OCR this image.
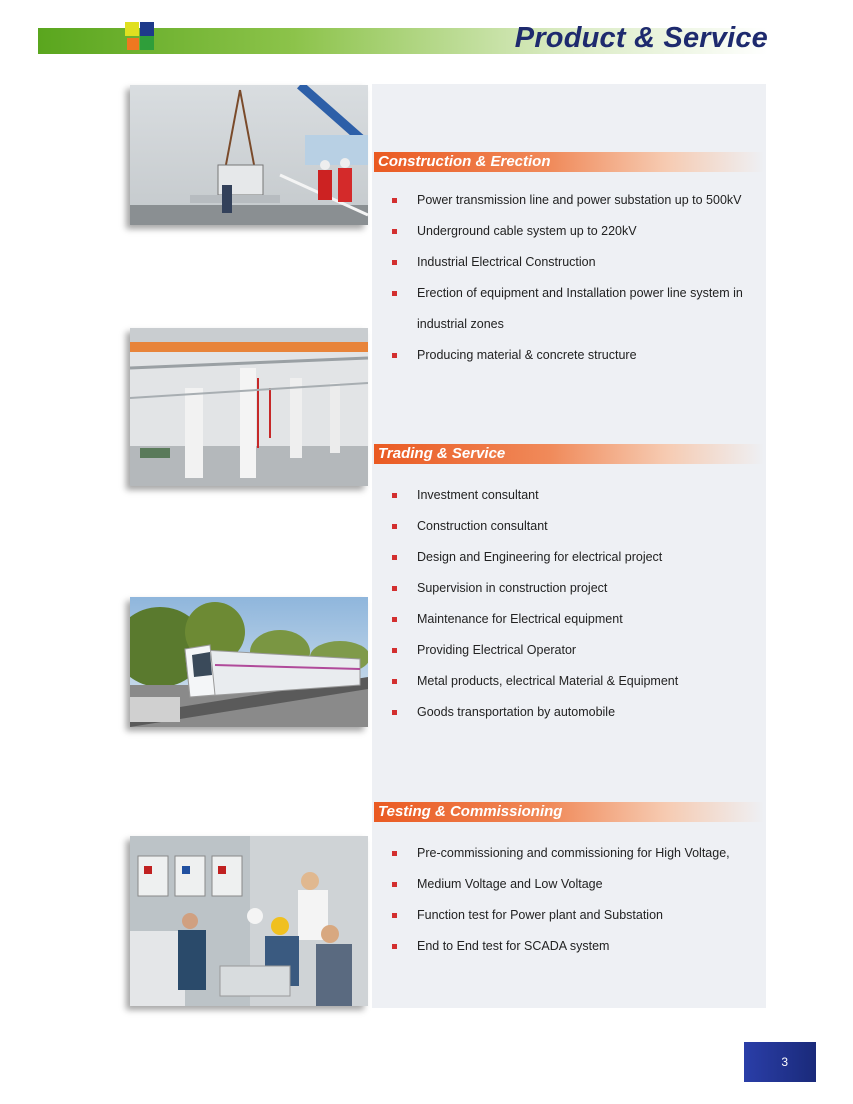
Product & Service
Construction & Erection
Power transmission line and power substation up to 500kV
Underground cable system up to 220kV
Industrial Electrical Construction
Erection of equipment and Installation power line system in
industrial zones
Producing material & concrete structure
Trading & Service
Investment consultant
Construction consultant
Design and Engineering for electrical project
Supervision in construction project
Maintenance for Electrical equipment
Providing Electrical Operator
Metal products, electrical Material & Equipment
Goods transportation by automobile
Testing & Commissioning
Pre-commissioning and commissioning for High Voltage,
Medium Voltage and Low Voltage
Function test for Power plant and Substation
End to End test for SCADA system
3
